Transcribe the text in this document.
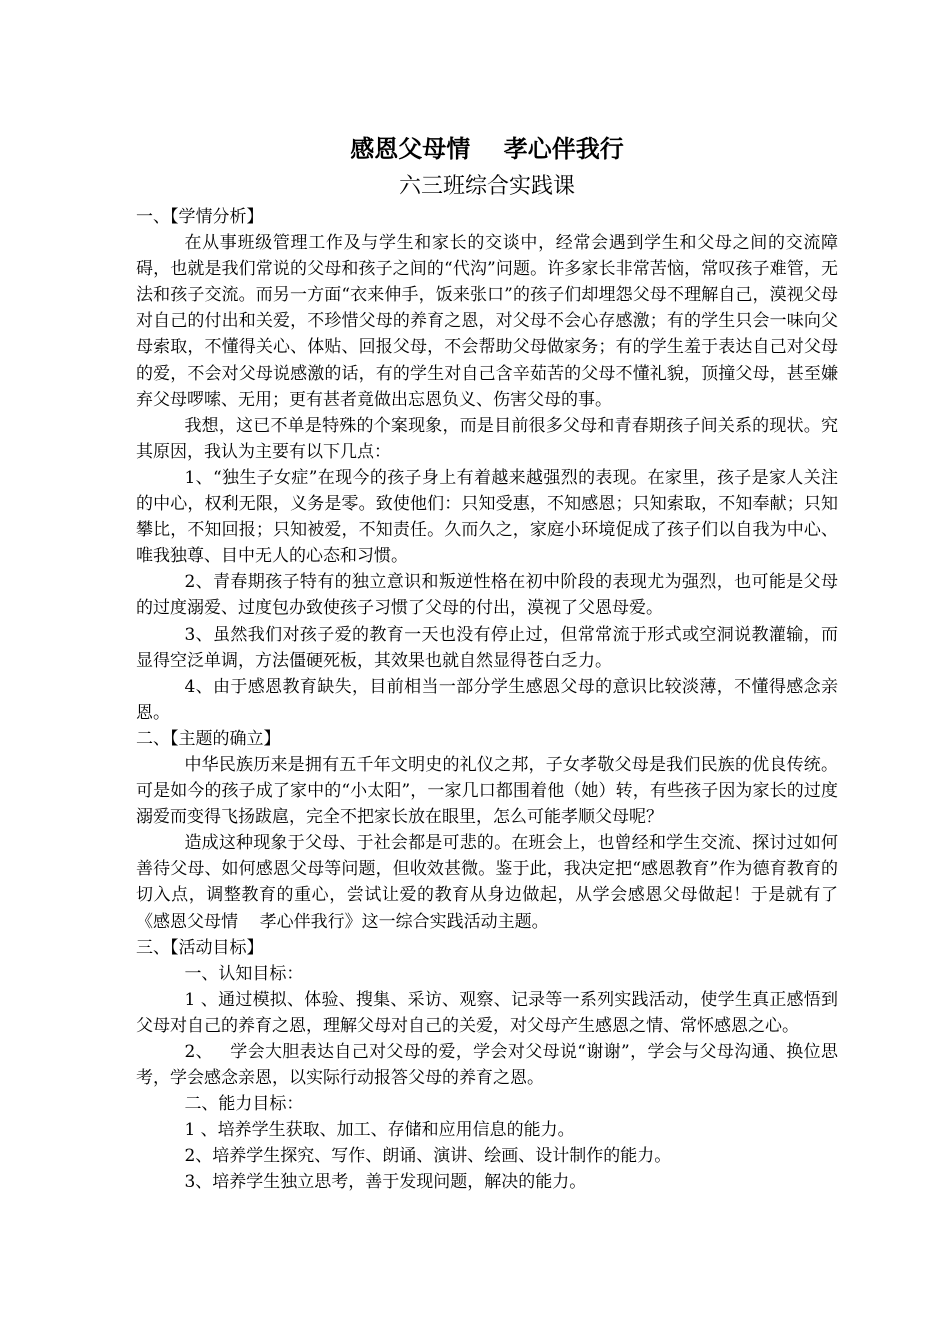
感恩父母情    孝心伴我行

六三班综合实践课

一、【学情分析】

在从事班级管理工作及与学生和家长的交谈中，经常会遇到学生和父母之间的交流障碍，也就是我们常说的父母和孩子之间的“代沟”问题。许多家长非常苦恼，常叹孩子难管，无法和孩子交流。而另一方面“衣来伸手，饭来张口”的孩子们却埋怨父母不理解自己，漠视父母对自己的付出和关爱，不珍惜父母的养育之恩，对父母不会心存感激；有的学生只会一味向父母索取，不懂得关心、体贴、回报父母，不会帮助父母做家务；有的学生羞于表达自己对父母的爱，不会对父母说感激的话，有的学生对自己含辛茹苦的父母不懂礼貌，顶撞父母，甚至嫌弃父母啰嗦、无用；更有甚者竟做出忘恩负义、伤害父母的事。

我想，这已不单是特殊的个案现象，而是目前很多父母和青春期孩子间关系的现状。究其原因，我认为主要有以下几点：

1、“独生子女症”在现今的孩子身上有着越来越强烈的表现。在家里，孩子是家人关注的中心，权利无限，义务是零。致使他们：只知受惠，不知感恩；只知索取，不知奉献；只知攀比，不知回报；只知被爱，不知责任。久而久之，家庭小环境促成了孩子们以自我为中心、唯我独尊、目中无人的心态和习惯。

2、青春期孩子特有的独立意识和叛逆性格在初中阶段的表现尤为强烈，也可能是父母的过度溺爱、过度包办致使孩子习惯了父母的付出，漠视了父恩母爱。

3、虽然我们对孩子爱的教育一天也没有停止过，但常常流于形式或空洞说教灌输，而显得空泛单调，方法僵硬死板，其效果也就自然显得苍白乏力。

4、由于感恩教育缺失，目前相当一部分学生感恩父母的意识比较淡薄，不懂得感念亲恩。

二、【主题的确立】

中华民族历来是拥有五千年文明史的礼仪之邦，子女孝敬父母是我们民族的优良传统。可是如今的孩子成了家中的“小太阳”，一家几口都围着他（她）转，有些孩子因为家长的过度溺爱而变得飞扬跋扈，完全不把家长放在眼里，怎么可能孝顺父母呢？

造成这种现象于父母、于社会都是可悲的。在班会上，也曾经和学生交流、探讨过如何善待父母、如何感恩父母等问题，但收效甚微。鉴于此，我决定把“感恩教育”作为德育教育的切入点，调整教育的重心，尝试让爱的教育从身边做起，从学会感恩父母做起！于是就有了《感恩父母情    孝心伴我行》这一综合实践活动主题。

三、【活动目标】

一、认知目标：

1 、通过模拟、体验、搜集、采访、观察、记录等一系列实践活动，使学生真正感悟到父母对自己的养育之恩，理解父母对自己的关爱，对父母产生感恩之情、常怀感恩之心。

2、   学会大胆表达自己对父母的爱，学会对父母说“谢谢”，学会与父母沟通、换位思考，学会感念亲恩，以实际行动报答父母的养育之恩。

二、能力目标：

1 、培养学生获取、加工、存储和应用信息的能力。

2、培养学生探究、写作、朗诵、演讲、绘画、设计制作的能力。

3、培养学生独立思考，善于发现问题，解决的能力。
